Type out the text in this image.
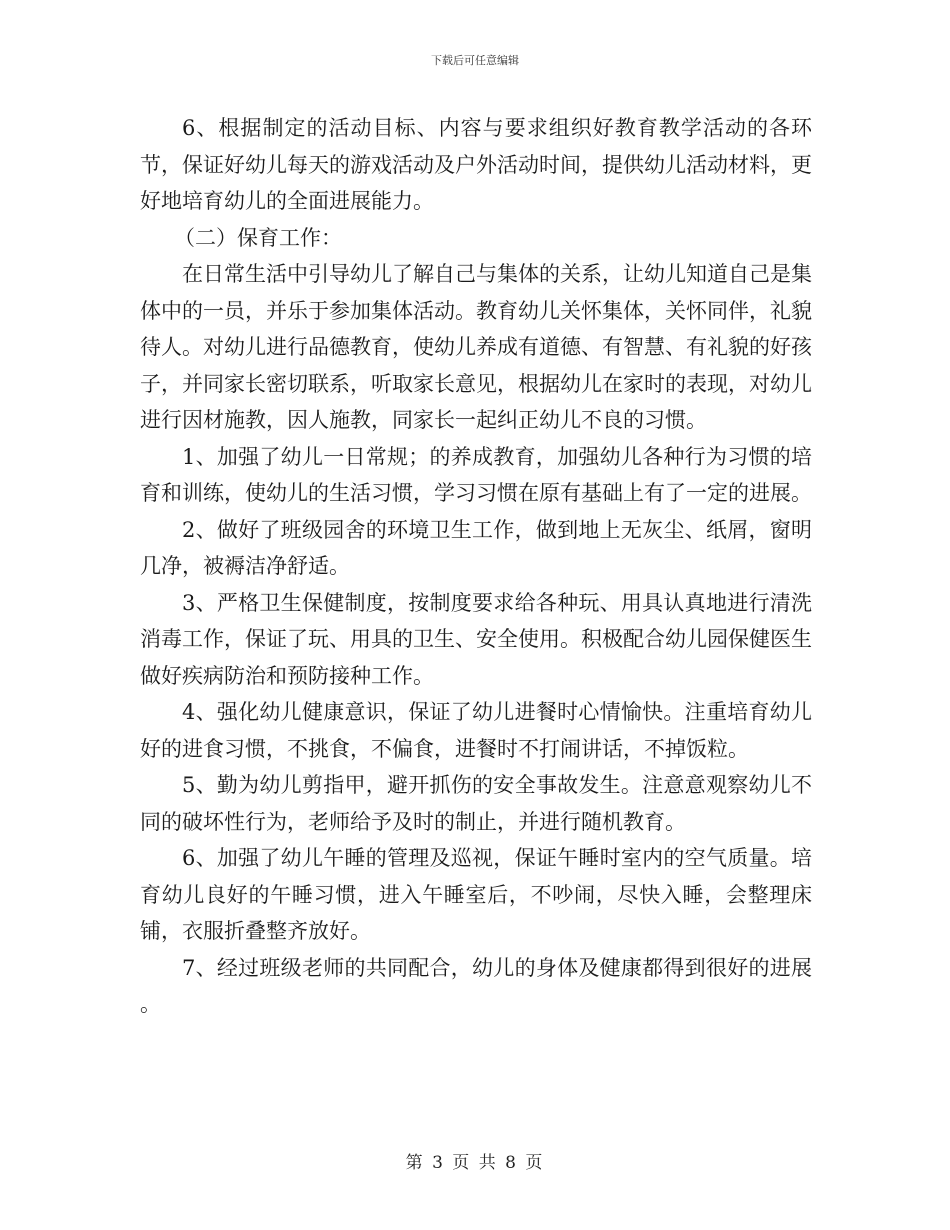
下载后可任意编辑

6、根据制定的活动目标、内容与要求组织好教育教学活动的各环节，保证好幼儿每天的游戏活动及户外活动时间，提供幼儿活动材料，更好地培育幼儿的全面进展能力。

（二）保育工作：

在日常生活中引导幼儿了解自己与集体的关系，让幼儿知道自己是集体中的一员，并乐于参加集体活动。教育幼儿关怀集体，关怀同伴，礼貌待人。对幼儿进行品德教育，使幼儿养成有道德、有智慧、有礼貌的好孩子，并同家长密切联系，听取家长意见，根据幼儿在家时的表现，对幼儿进行因材施教，因人施教，同家长一起纠正幼儿不良的习惯。

1、加强了幼儿一日常规；的养成教育，加强幼儿各种行为习惯的培育和训练，使幼儿的生活习惯，学习习惯在原有基础上有了一定的进展。

2、做好了班级园舍的环境卫生工作，做到地上无灰尘、纸屑，窗明几净，被褥洁净舒适。

3、严格卫生保健制度，按制度要求给各种玩、用具认真地进行清洗消毒工作，保证了玩、用具的卫生、安全使用。积极配合幼儿园保健医生做好疾病防治和预防接种工作。

4、强化幼儿健康意识，保证了幼儿进餐时心情愉快。注重培育幼儿好的进食习惯，不挑食，不偏食，进餐时不打闹讲话，不掉饭粒。

5、勤为幼儿剪指甲，避开抓伤的安全事故发生。注意意观察幼儿不同的破坏性行为，老师给予及时的制止，并进行随机教育。

6、加强了幼儿午睡的管理及巡视，保证午睡时室内的空气质量。培育幼儿良好的午睡习惯，进入午睡室后，不吵闹，尽快入睡，会整理床铺，衣服折叠整齐放好。

7、经过班级老师的共同配合，幼儿的身体及健康都得到很好的进展 。

第 3 页 共 8 页
